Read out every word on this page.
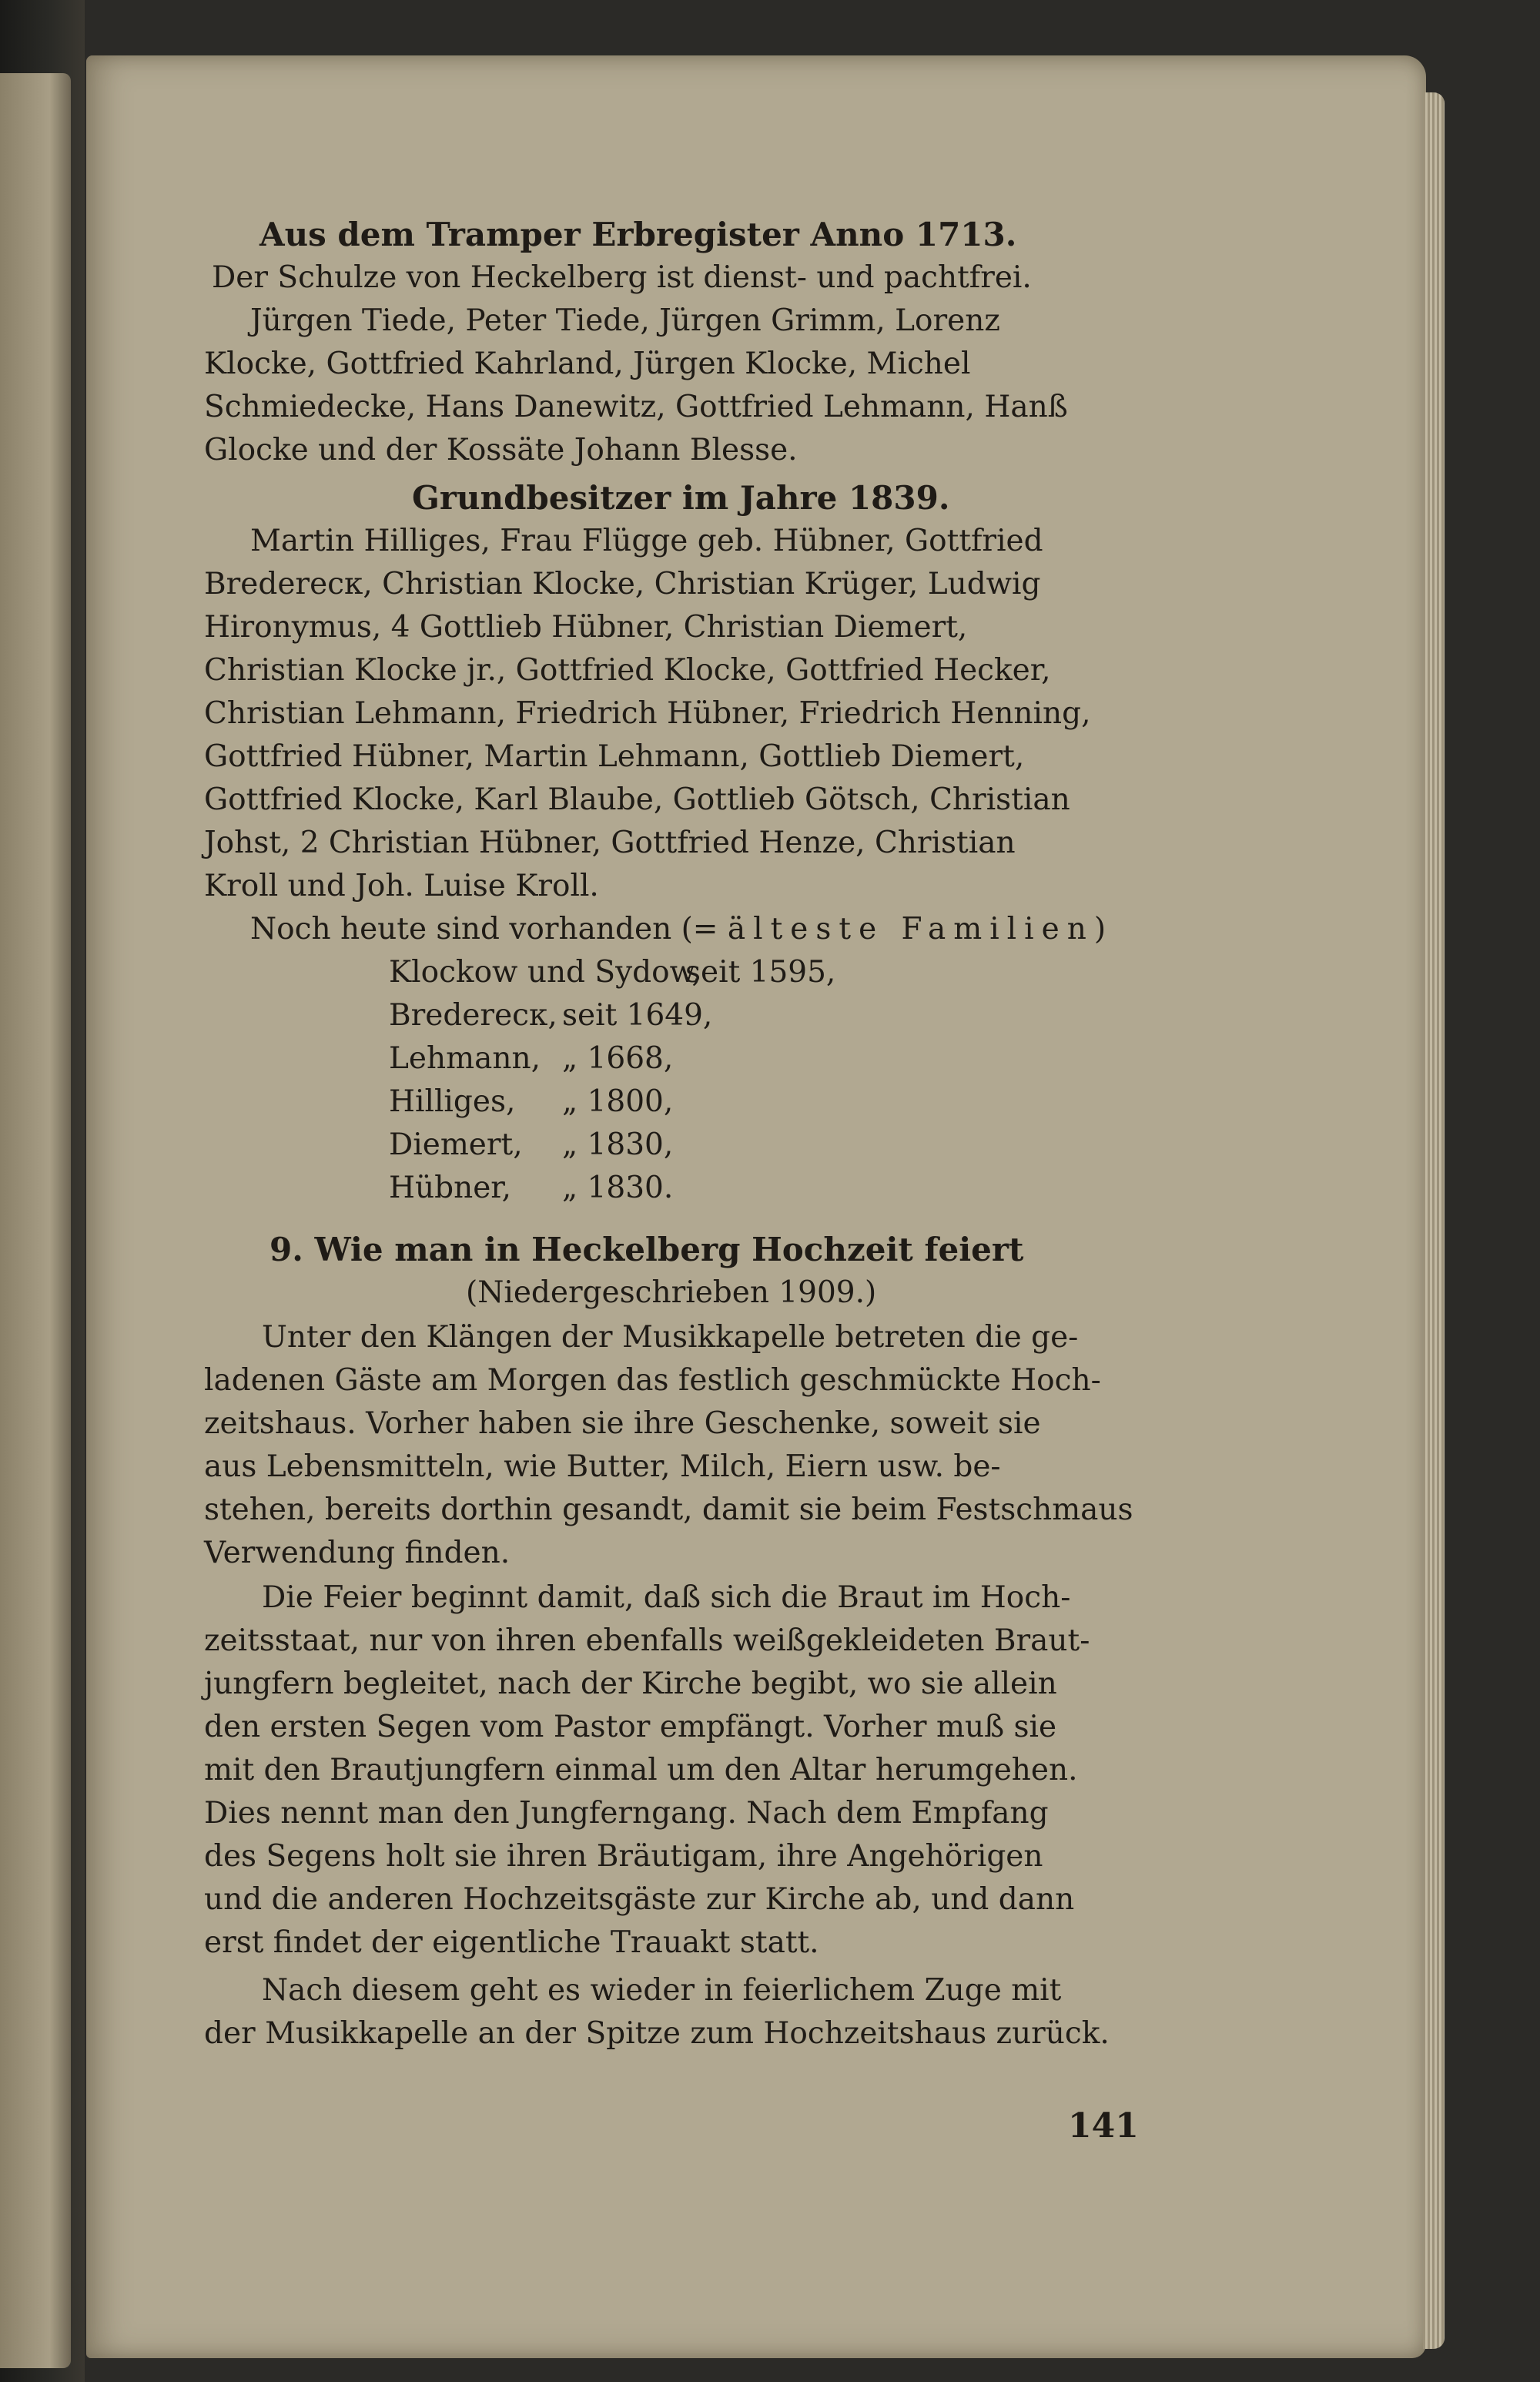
Aus dem Tramper Erbregister Anno 1713.
Der Schulze von Heckelberg ist dienst- und pachtfrei.
Jürgen Tiede, Peter Tiede, Jürgen Grimm, Lorenz
Klocke, Gottfried Kahrland, Jürgen Klocke, Michel
Schmiedecke, Hans Danewitz, Gottfried Lehmann, Hanß
Glocke und der Kossäte Johann Blesse.
Grundbesitzer im Jahre 1839.
Martin Hilliges, Frau Flügge geb. Hübner, Gottfried
Brederecк, Christian Klocke, Christian Krüger, Ludwig
Hironymus, 4 Gottlieb Hübner, Christian Diemert,
Christian Klocke jr., Gottfried Klocke, Gottfried Hecker,
Christian Lehmann, Friedrich Hübner, Friedrich Henning,
Gottfried Hübner, Martin Lehmann, Gottlieb Diemert,
Gottfried Klocke, Karl Blaube, Gottlieb Götsch, Christian
Johst, 2 Christian Hübner, Gottfried Henze, Christian
Kroll und Joh. Luise Kroll.
Noch heute sind vorhanden (= älteste Familien)
Klockow und Sydow,
seit 1595,
Brederecк, seit 1649,
Lehmann, „ 1668,
Hilliges, „ 1800,
Diemert, „ 1830,
Hübner, „ 1830.
9. Wie man in Heckelberg Hochzeit feiert
(Niedergeschrieben 1909.)
Unter den Klängen der Musikkapelle betreten die ge-
ladenen Gäste am Morgen das festlich geschmückte Hoch-
zeitshaus. Vorher haben sie ihre Geschenke, soweit sie
aus Lebensmitteln, wie Butter, Milch, Eiern usw. be-
stehen, bereits dorthin gesandt, damit sie beim Festschmaus
Verwendung finden.
Die Feier beginnt damit, daß sich die Braut im Hoch-
zeitsstaat, nur von ihren ebenfalls weißgekleideten Braut-
jungfern begleitet, nach der Kirche begibt, wo sie allein
den ersten Segen vom Pastor empfängt. Vorher muß sie
mit den Brautjungfern einmal um den Altar herumgehen.
Dies nennt man den Jungferngang. Nach dem Empfang
des Segens holt sie ihren Bräutigam, ihre Angehörigen
und die anderen Hochzeitsgäste zur Kirche ab, und dann
erst findet der eigentliche Trauakt statt.
Nach diesem geht es wieder in feierlichem Zuge mit
der Musikkapelle an der Spitze zum Hochzeitshaus zurück.
141
